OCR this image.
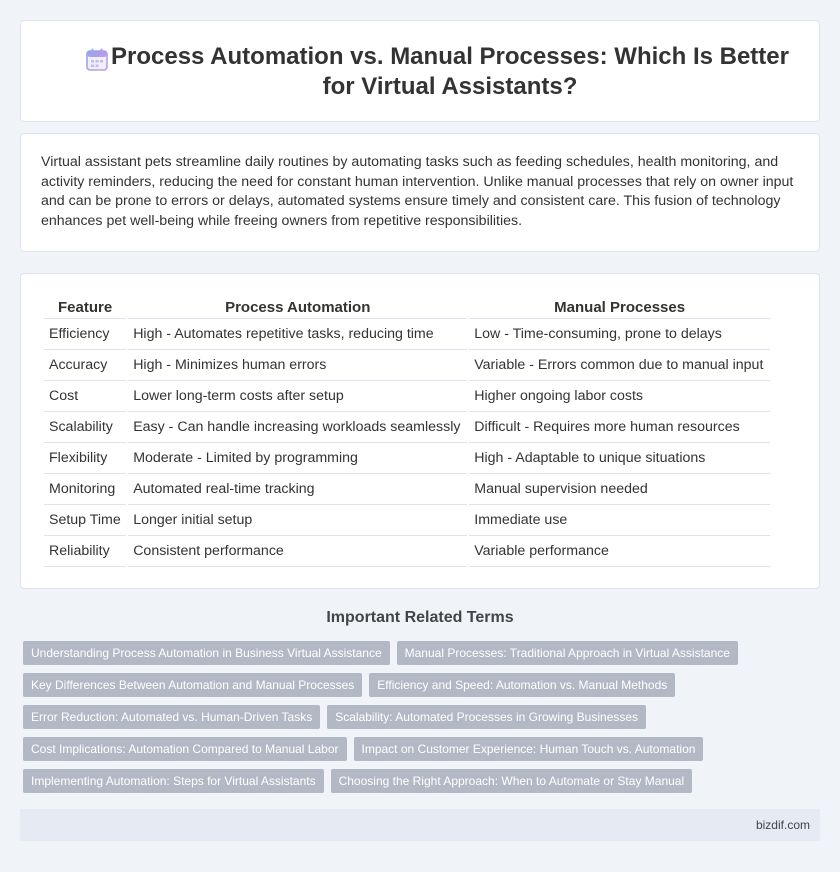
Process Automation vs. Manual Processes: Which Is Better for Virtual Assistants?

Virtual assistant pets streamline daily routines by automating tasks such as feeding schedules, health monitoring, and activity reminders, reducing the need for constant human intervention. Unlike manual processes that rely on owner input and can be prone to errors or delays, automated systems ensure timely and consistent care. This fusion of technology enhances pet well-being while freeing owners from repetitive responsibilities.

Feature	Process Automation	Manual Processes
Efficiency	High - Automates repetitive tasks, reducing time	Low - Time-consuming, prone to delays
Accuracy	High - Minimizes human errors	Variable - Errors common due to manual input
Cost	Lower long-term costs after setup	Higher ongoing labor costs
Scalability	Easy - Can handle increasing workloads seamlessly	Difficult - Requires more human resources
Flexibility	Moderate - Limited by programming	High - Adaptable to unique situations
Monitoring	Automated real-time tracking	Manual supervision needed
Setup Time	Longer initial setup	Immediate use
Reliability	Consistent performance	Variable performance
Important Related Terms
Understanding Process Automation in Business Virtual Assistance	Manual Processes: Traditional Approach in Virtual Assistance
Key Differences Between Automation and Manual Processes	Efficiency and Speed: Automation vs. Manual Methods
Error Reduction: Automated vs. Human-Driven Tasks	Scalability: Automated Processes in Growing Businesses
Cost Implications: Automation Compared to Manual Labor	Impact on Customer Experience: Human Touch vs. Automation
Implementing Automation: Steps for Virtual Assistants	Choosing the Right Approach: When to Automate or Stay Manual
bizdif.com
